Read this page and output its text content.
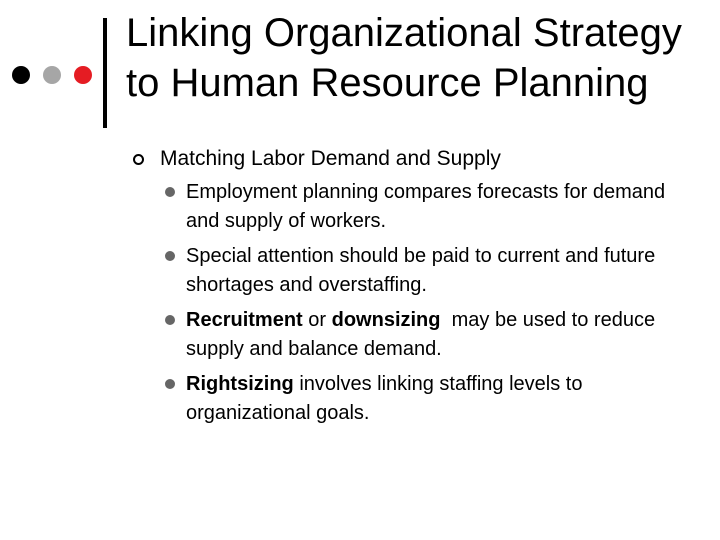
Linking Organizational Strategy
to Human Resource Planning
Matching Labor Demand and Supply
Employment planning compares forecasts for demand and supply of workers.
Special attention should be paid to current and future shortages and overstaffing.
Recruitment or downsizing  may be used to reduce supply and balance demand.
Rightsizing involves linking staffing levels to organizational goals.
